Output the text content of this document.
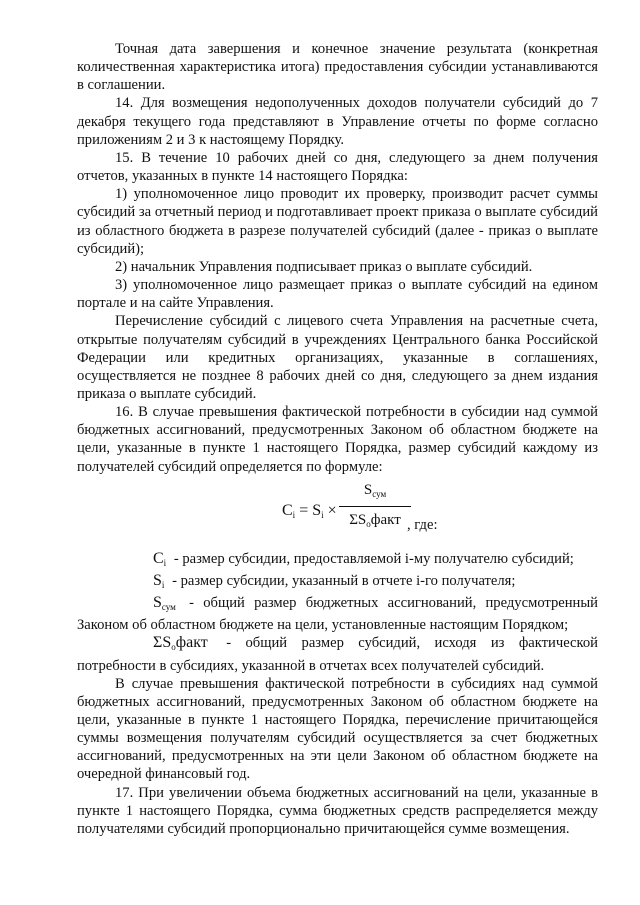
Точная дата завершения и конечное значение результата (конкретная количественная характеристика итога) предоставления субсидии устанавливаются в соглашении.

14. Для возмещения недополученных доходов получатели субсидий до 7 декабря текущего года представляют в Управление отчеты по форме согласно приложениям 2 и 3 к настоящему Порядку.

15. В течение 10 рабочих дней со дня, следующего за днем получения отчетов, указанных в пункте 14 настоящего Порядка:

1) уполномоченное лицо проводит их проверку, производит расчет суммы субсидий за отчетный период и подготавливает проект приказа о выплате субсидий из областного бюджета в разрезе получателей субсидий (далее - приказ о выплате субсидий);

2) начальник Управления подписывает приказ о выплате субсидий.

3) уполномоченное лицо размещает приказ о выплате субсидий на едином портале и на сайте Управления.

Перечисление субсидий с лицевого счета Управления на расчетные счета, открытые получателям субсидий в учреждениях Центрального банка Российской Федерации или кредитных организациях, указанные в соглашениях, осуществляется не позднее 8 рабочих дней со дня, следующего за днем издания приказа о выплате субсидий.

16. В случае превышения фактической потребности в субсидии над суммой бюджетных ассигнований, предусмотренных Законом об областном бюджете на цели, указанные в пункте 1 настоящего Порядка, размер субсидий каждому из получателей субсидий определяется по формуле:

$C_i = S_i$ ×
$S_{сум}$
$\Sigma S_oфакт$ , где:

$C_i$ - размер субсидии, предоставляемой i-му получателю субсидий;

$S_i$ - размер субсидии, указанный в отчете i-го получателя;

$S_{сум}$ - общий размер бюджетных ассигнований, предусмотренный Законом об областном бюджете на цели, установленные настоящим Порядком;

$\Sigma S_oфакт$ - общий размер субсидий, исходя из фактической потребности в субсидиях, указанной в отчетах всех получателей субсидий.

В случае превышения фактической потребности в субсидиях над суммой бюджетных ассигнований, предусмотренных Законом об областном бюджете на цели, указанные в пункте 1 настоящего Порядка, перечисление причитающейся суммы возмещения получателям субсидий осуществляется за счет бюджетных ассигнований, предусмотренных на эти цели Законом об областном бюджете на очередной финансовый год.

17. При увеличении объема бюджетных ассигнований на цели, указанные в пункте 1 настоящего Порядка, сумма бюджетных средств распределяется между получателями субсидий пропорционально причитающейся сумме возмещения.
